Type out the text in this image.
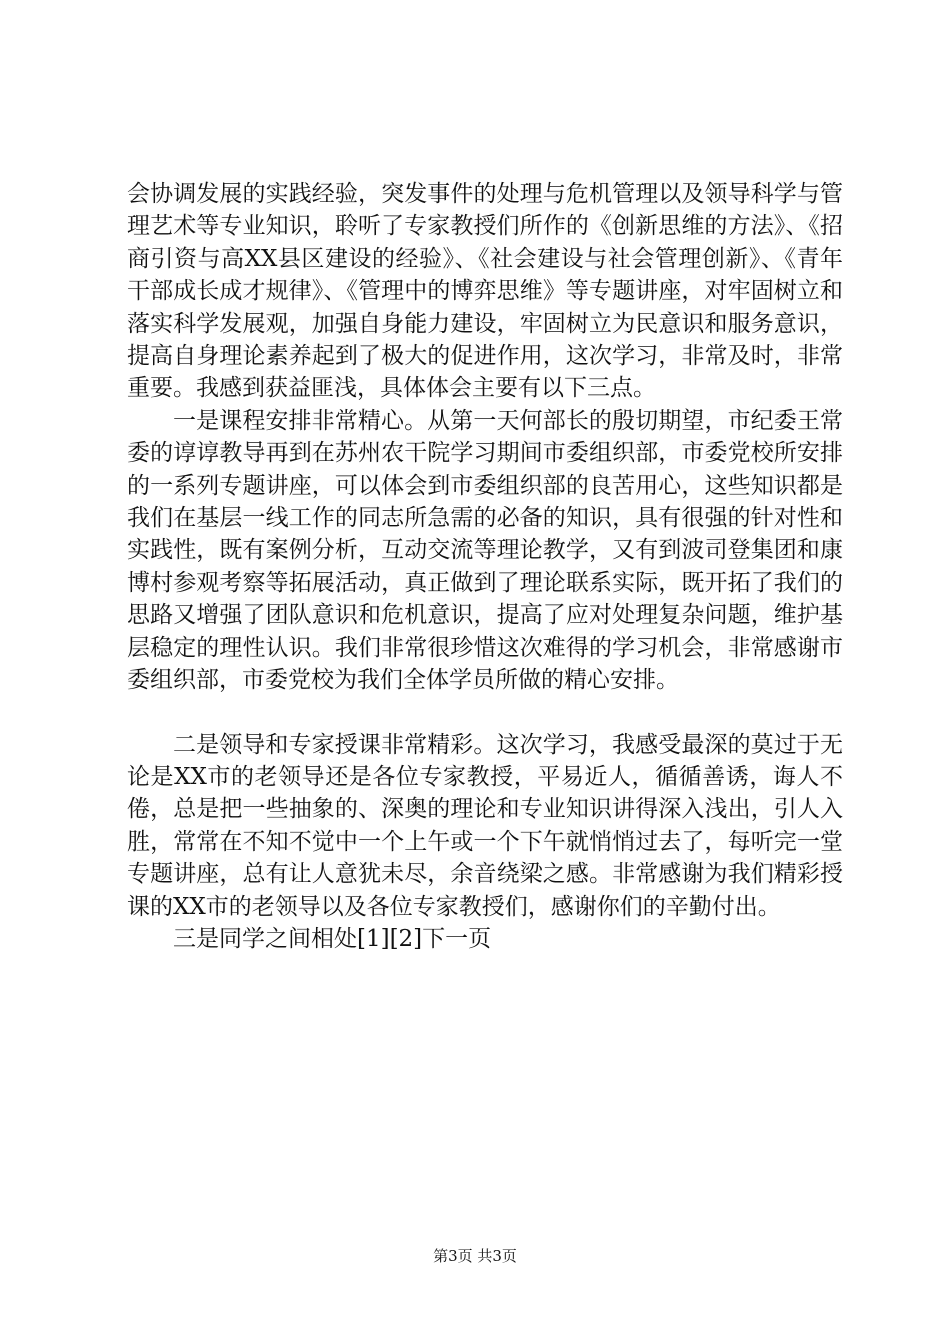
会协调发展的实践经验，突发事件的处理与危机管理以及领导科学与管理艺术等专业知识，聆听了专家教授们所作的《创新思维的方法》、《招商引资与高XX县区建设的经验》、《社会建设与社会管理创新》、《青年干部成长成才规律》、《管理中的博弈思维》等专题讲座，对牢固树立和落实科学发展观，加强自身能力建设，牢固树立为民意识和服务意识，提高自身理论素养起到了极大的促进作用，这次学习，非常及时，非常重要。我感到获益匪浅，具体体会主要有以下三点。

一是课程安排非常精心。从第一天何部长的殷切期望，市纪委王常委的谆谆教导再到在苏州农干院学习期间市委组织部，市委党校所安排的一系列专题讲座，可以体会到市委组织部的良苦用心，这些知识都是我们在基层一线工作的同志所急需的必备的知识，具有很强的针对性和实践性，既有案例分析，互动交流等理论教学，又有到波司登集团和康博村参观考察等拓展活动，真正做到了理论联系实际，既开拓了我们的思路又增强了团队意识和危机意识，提高了应对处理复杂问题，维护基层稳定的理性认识。我们非常很珍惜这次难得的学习机会，非常感谢市委组织部，市委党校为我们全体学员所做的精心安排。

二是领导和专家授课非常精彩。这次学习，我感受最深的莫过于无论是XX市的老领导还是各位专家教授，平易近人，循循善诱，诲人不倦，总是把一些抽象的、深奥的理论和专业知识讲得深入浅出，引人入胜，常常在不知不觉中一个上午或一个下午就悄悄过去了，每听完一堂专题讲座，总有让人意犹未尽，余音绕梁之感。非常感谢为我们精彩授课的XX市的老领导以及各位专家教授们，感谢你们的辛勤付出。

三是同学之间相处[1][2]下一页

第3页 共3页
